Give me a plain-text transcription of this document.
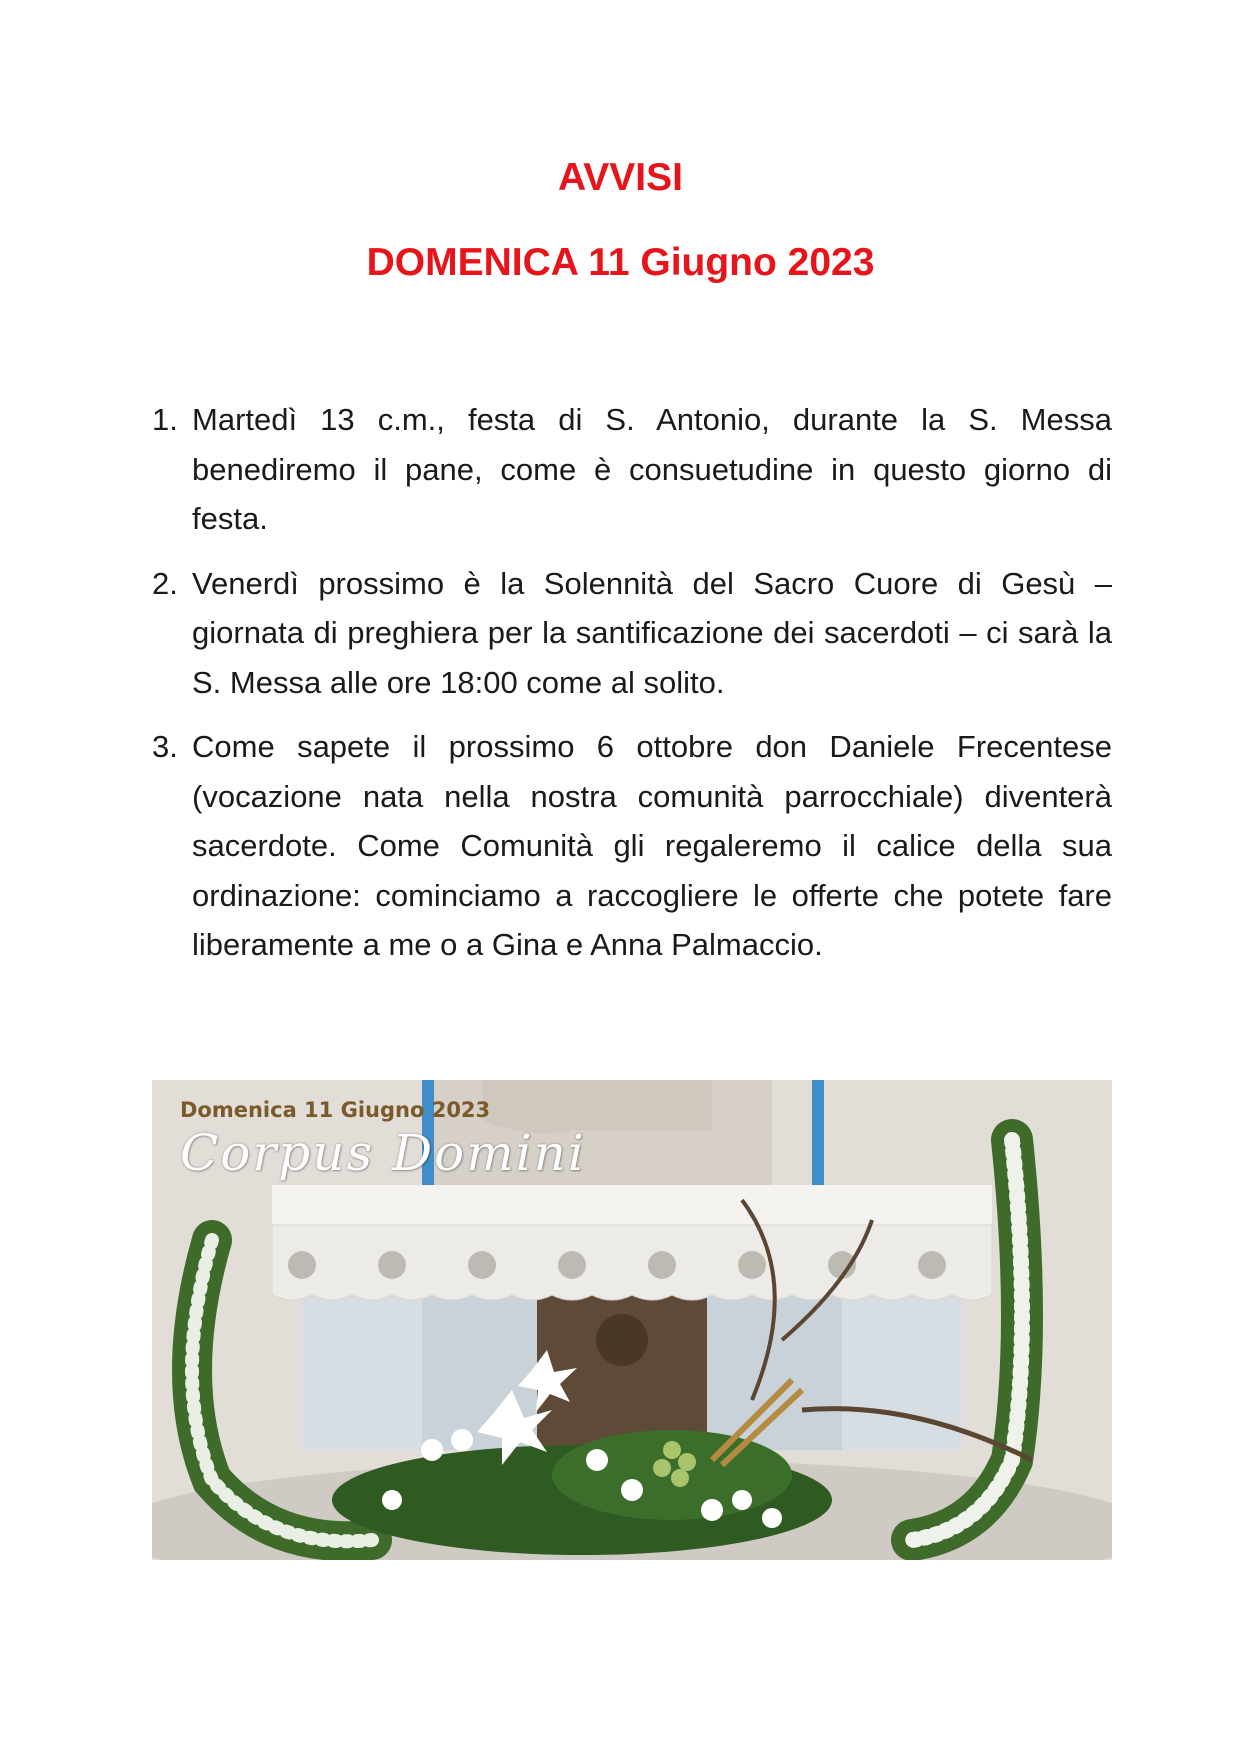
AVVISI
DOMENICA 11 Giugno 2023
1. Martedì 13 c.m., festa di S. Antonio, durante la S. Messa benediremo il pane, come è consuetudine in questo giorno di festa.
2. Venerdì prossimo è la Solennità del Sacro Cuore di Gesù – giornata di preghiera per la santificazione dei sacerdoti – ci sarà la S. Messa alle ore 18:00 come al solito.
3. Come sapete il prossimo 6 ottobre don Daniele Frecentese (vocazione nata nella nostra comunità parrocchiale) diventerà sacerdote. Come Comunità gli regaleremo il calice della sua ordinazione: cominciamo a raccogliere le offerte che potete fare liberamente a me o a Gina e Anna Palmaccio.
Domenica 11 Giugno 2023
Corpus Domini
